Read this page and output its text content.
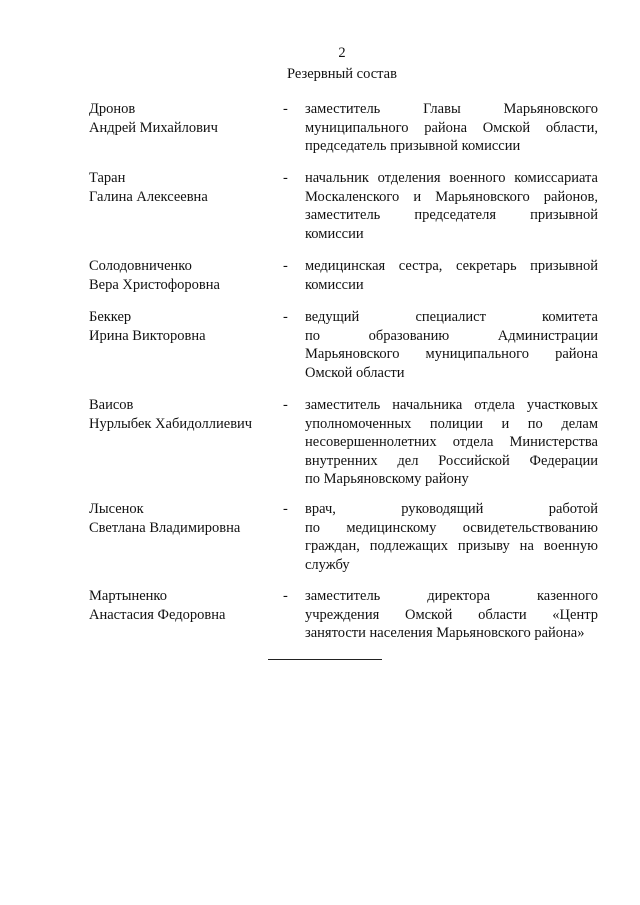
2
Резервный состав
Дронов
Андрей Михайлович
- заместитель Главы Марьяновского
муниципального района Омской области,
председатель призывной комиссии
Таран
Галина Алексеевна
- начальник отделения военного комиссариата
Москаленского и Марьяновского районов,
заместитель председателя призывной
комиссии
Солодовниченко
Вера Христофоровна
- медицинская сестра, секретарь призывной
комиссии
Беккер
Ирина Викторовна
- ведущий специалист комитета
по образованию Администрации
Марьяновского муниципального района
Омской области
Ваисов
Нурлыбек Хабидоллиевич
- заместитель начальника отдела участковых
уполномоченных полиции и по делам
несовершеннолетних отдела Министерства
внутренних дел Российской Федерации
по Марьяновскому району
Лысенок
Светлана Владимировна
- врач, руководящий работой
по медицинскому освидетельствованию
граждан, подлежащих призыву на военную
службу
Мартыненко
Анастасия Федоровна
- заместитель директора казенного
учреждения Омской области «Центр
занятости населения Марьяновского района»
